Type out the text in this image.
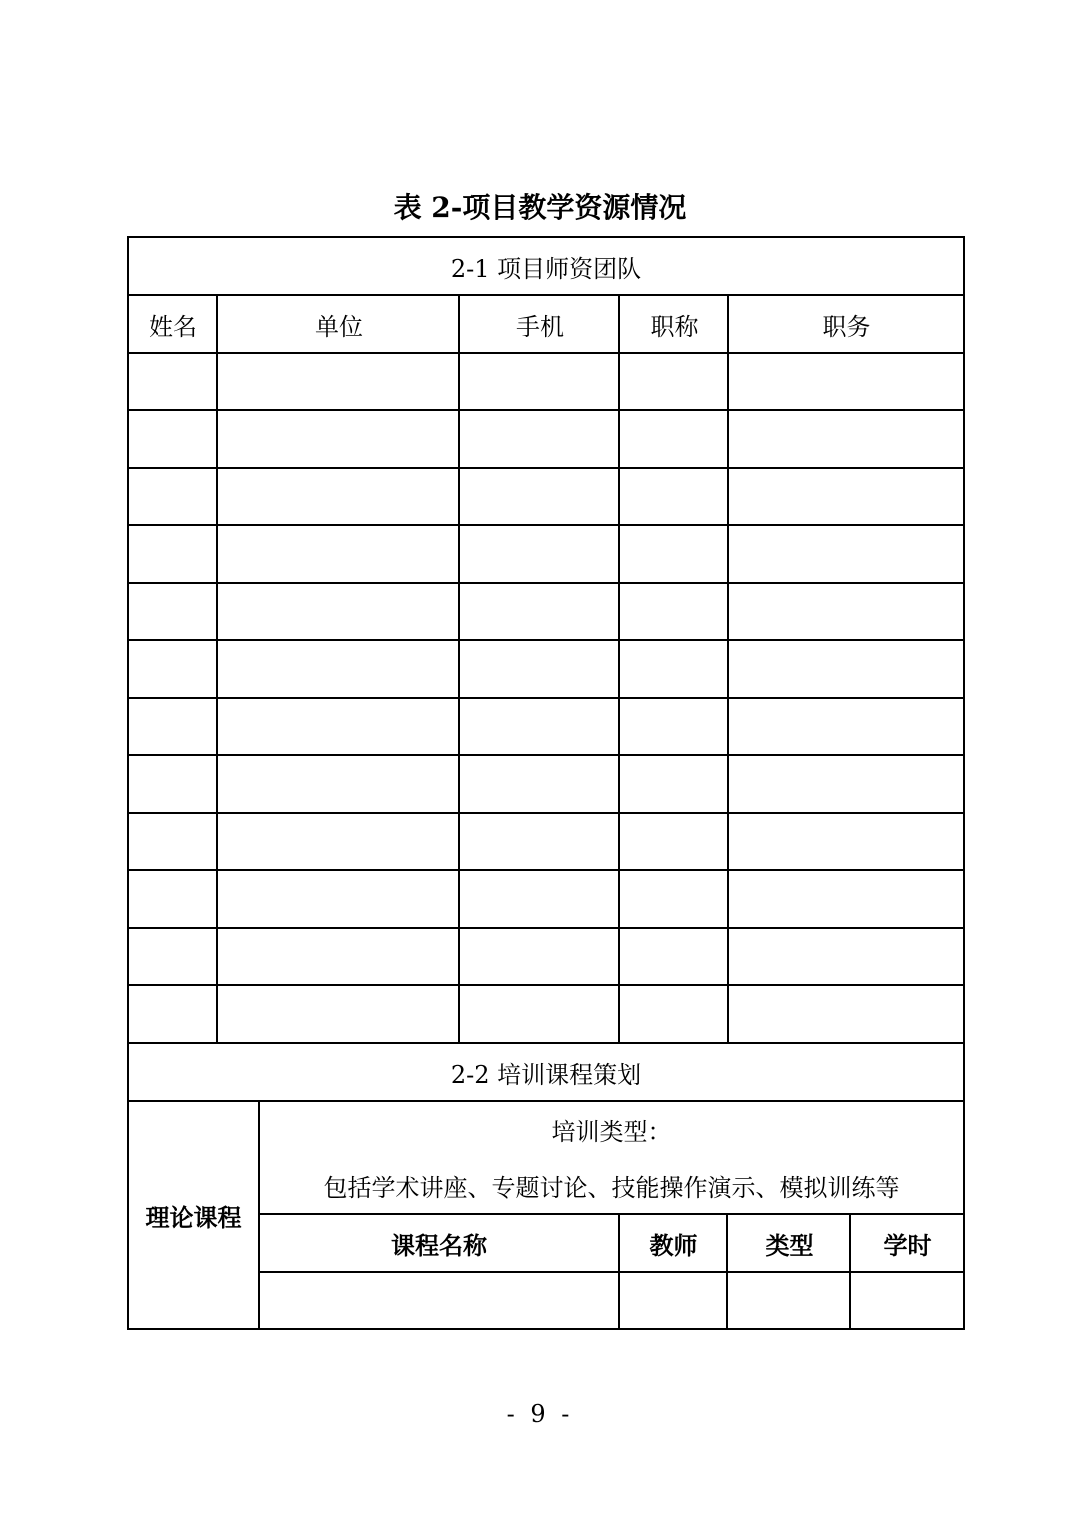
表 2-项目教学资源情况
2-1 项目师资团队
姓名	单位	手机	职称	职务
2-2 培训课程策划
理论课程
培训类型：
包括学术讲座、专题讨论、技能操作演示、模拟训练等
课程名称	教师	类型	学时
- 9 -
